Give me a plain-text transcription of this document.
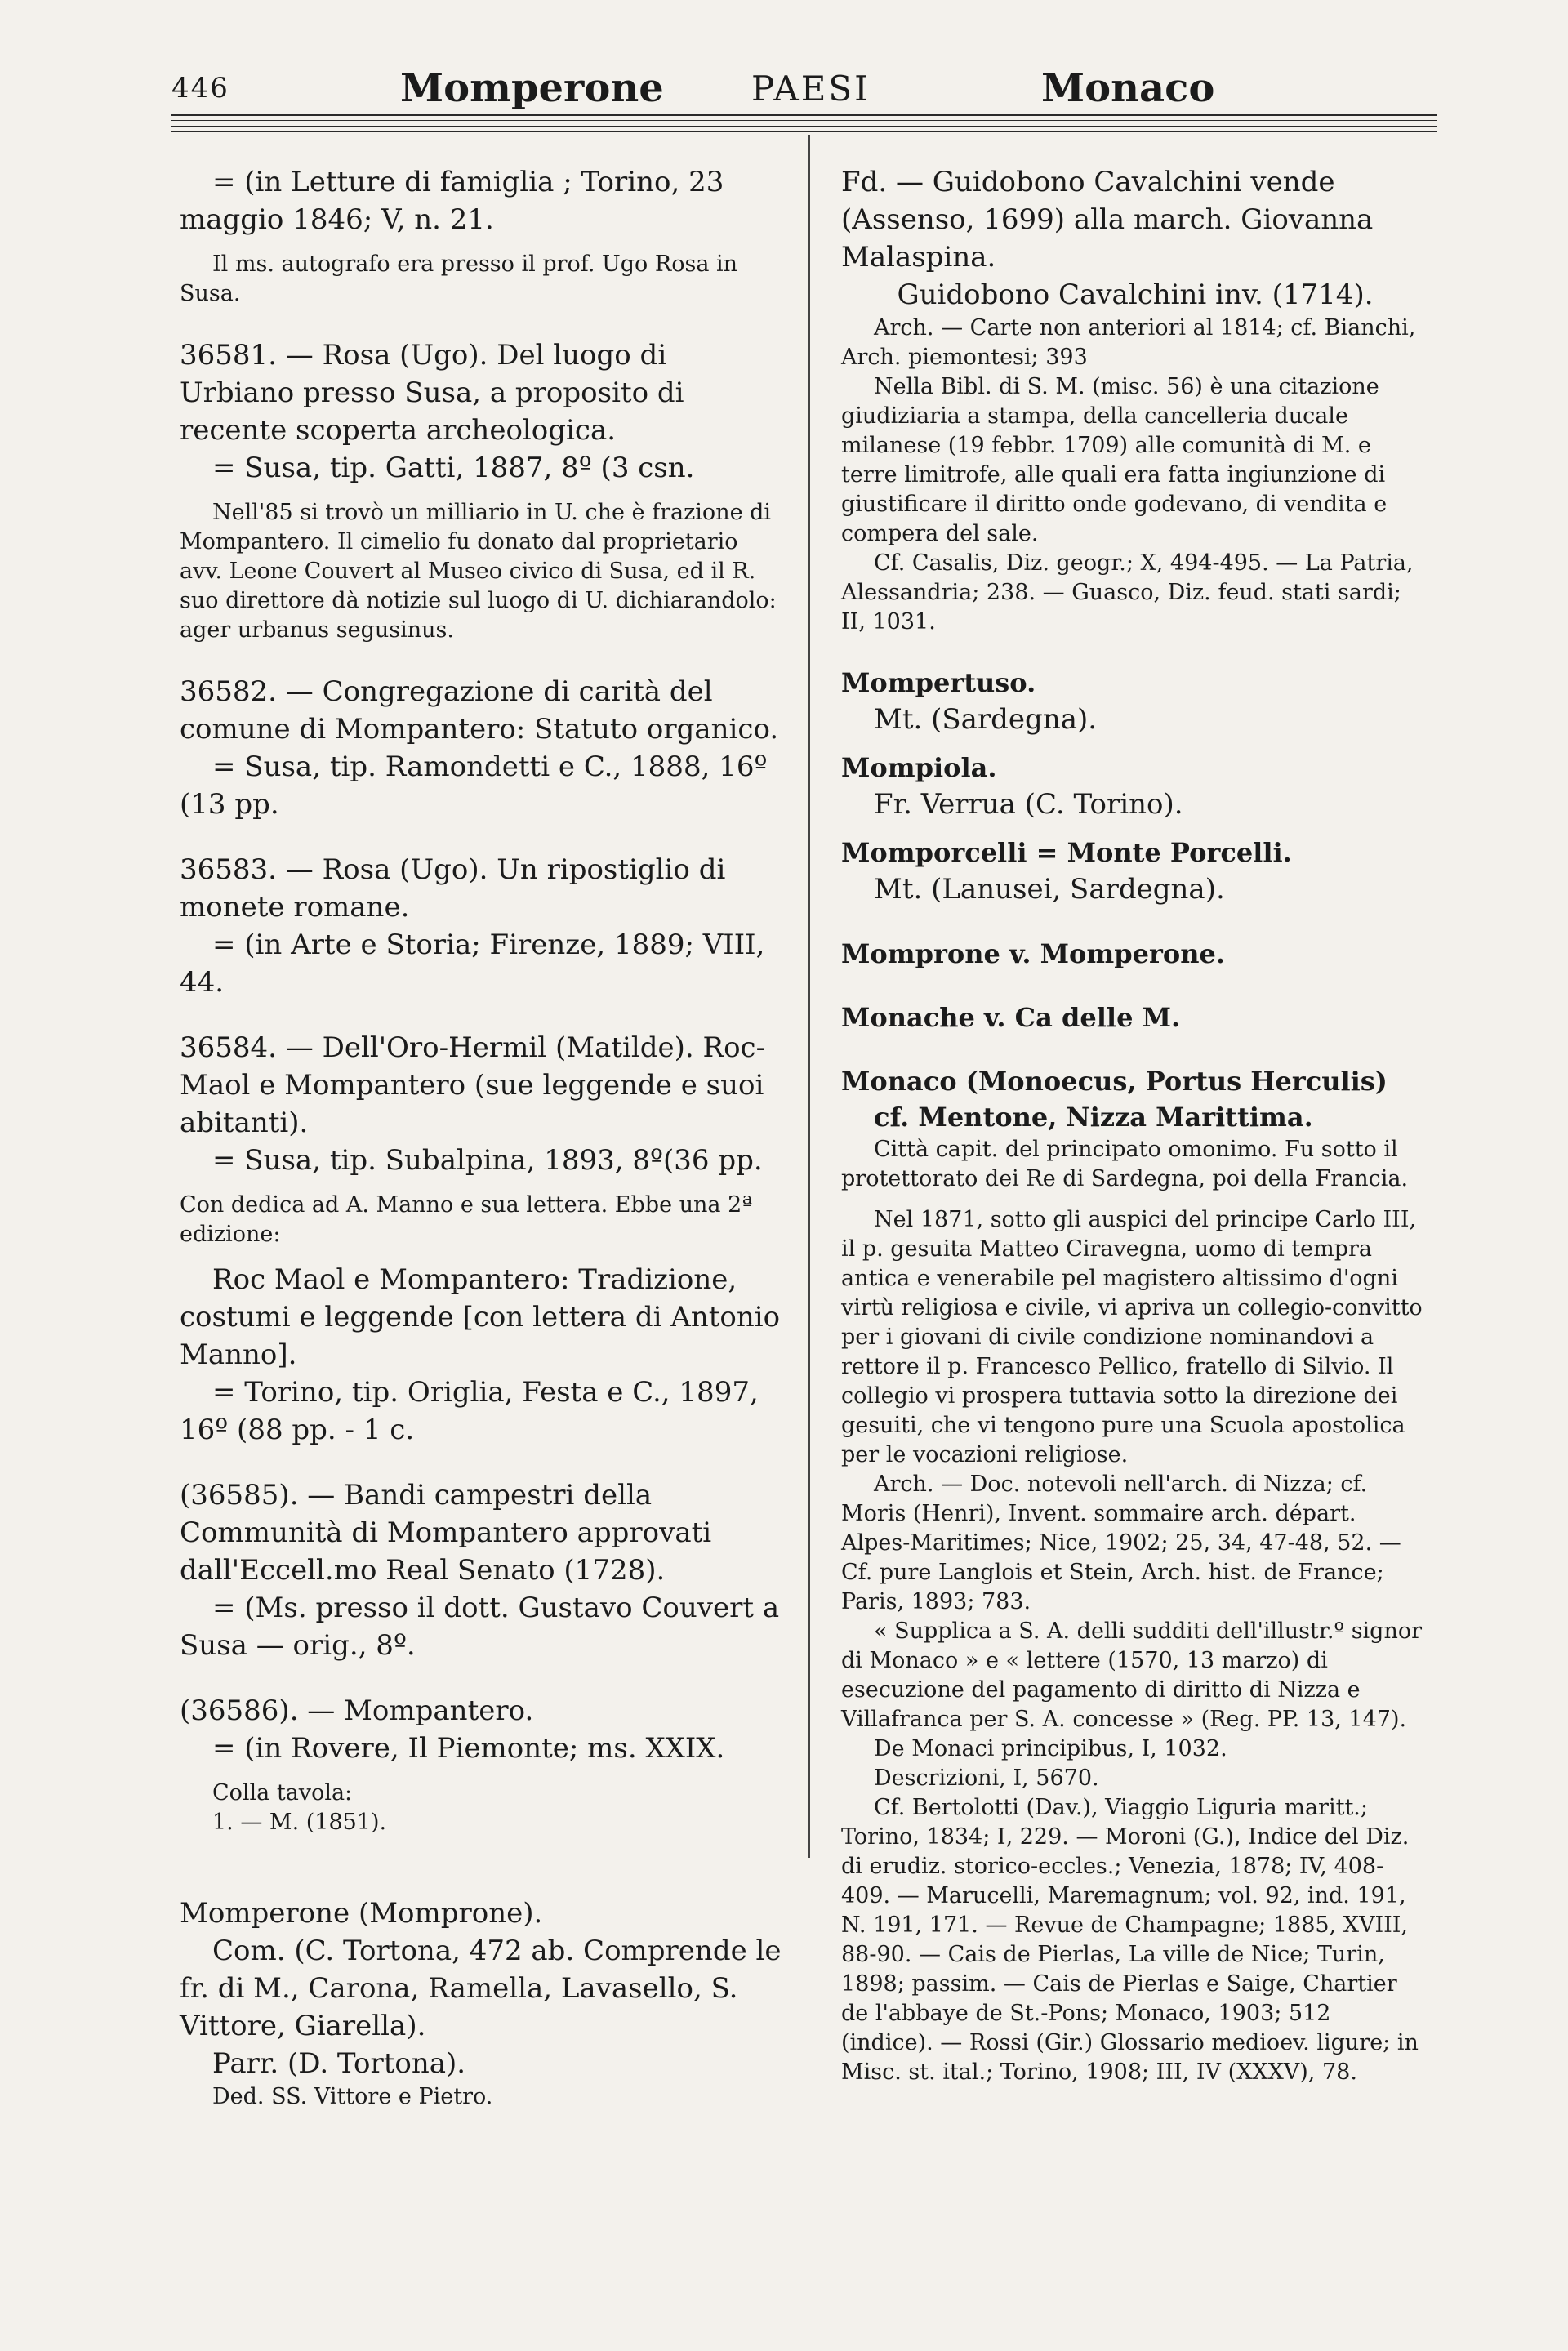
446	Momperone	PAESI	Monaco

= (in Letture di famiglia ; Torino, 23 maggio 1846; V, n. 21.

Il ms. autografo era presso il prof. Ugo Rosa in Susa.

36581. — Rosa (Ugo). Del luogo di Urbiano presso Susa, a proposito di recente scoperta archeologica.

= Susa, tip. Gatti, 1887, 8º (3 csn.

Nell'85 si trovò un milliario in U. che è frazione di Mompantero. Il cimelio fu donato dal proprietario avv. Leone Couvert al Museo civico di Susa, ed il R. suo direttore dà notizie sul luogo di U. dichiarandolo: ager urbanus segusinus.

36582. — Congregazione di carità del comune di Mompantero: Statuto organico.

= Susa, tip. Ramondetti e C., 1888, 16º (13 pp.

36583. — Rosa (Ugo). Un ripostiglio di monete romane.

= (in Arte e Storia; Firenze, 1889; VIII, 44.

36584. — Dell'Oro-Hermil (Matilde). Roc-Maol e Mompantero (sue leggende e suoi abitanti).

= Susa, tip. Subalpina, 1893, 8º(36 pp.

Con dedica ad A. Manno e sua lettera. Ebbe una 2ª edizione:

Roc Maol e Mompantero: Tradizione, costumi e leggende [con lettera di Antonio Manno].

= Torino, tip. Origlia, Festa e C., 1897, 16º (88 pp. - 1 c.

(36585). — Bandi campestri della Communità di Mompantero approvati dall'Eccell.mo Real Senato (1728).

= (Ms. presso il dott. Gustavo Couvert a Susa — orig., 8º.

(36586). — Mompantero.

= (in Rovere, Il Piemonte; ms. XXIX.

Colla tavola:

1. — M. (1851).

Momperone (Momprone).

Com. (C. Tortona, 472 ab. Comprende le fr. di M., Carona, Ramella, Lavasello, S. Vittore, Giarella).

Parr. (D. Tortona).

Ded. SS. Vittore e Pietro.

Fd. — Guidobono Cavalchini vende (Assenso, 1699) alla march. Giovanna Malaspina.

Guidobono Cavalchini inv. (1714).

Arch. — Carte non anteriori al 1814; cf. Bianchi, Arch. piemontesi; 393

Nella Bibl. di S. M. (misc. 56) è una citazione giudiziaria a stampa, della cancelleria ducale milanese (19 febbr. 1709) alle comunità di M. e terre limitrofe, alle quali era fatta ingiunzione di giustificare il diritto onde godevano, di vendita e compera del sale.

Cf. Casalis, Diz. geogr.; X, 494-495. — La Patria, Alessandria; 238. — Guasco, Diz. feud. stati sardi; II, 1031.

Mompertuso.

Mt. (Sardegna).

Mompiola.

Fr. Verrua (C. Torino).

Momporcelli = Monte Porcelli.

Mt. (Lanusei, Sardegna).

Momprone v. Momperone.

Monache v. Ca delle M.

Monaco (Monoecus, Portus Herculis) cf. Mentone, Nizza Marittima.

Città capit. del principato omonimo. Fu sotto il protettorato dei Re di Sardegna, poi della Francia.

Nel 1871, sotto gli auspici del principe Carlo III, il p. gesuita Matteo Ciravegna, uomo di tempra antica e venerabile pel magistero altissimo d'ogni virtù religiosa e civile, vi apriva un collegio-convitto per i giovani di civile condizione nominandovi a rettore il p. Francesco Pellico, fratello di Silvio. Il collegio vi prospera tuttavia sotto la direzione dei gesuiti, che vi tengono pure una Scuola apostolica per le vocazioni religiose.

Arch. — Doc. notevoli nell'arch. di Nizza; cf. Moris (Henri), Invent. sommaire arch. départ. Alpes-Maritimes; Nice, 1902; 25, 34, 47-48, 52. — Cf. pure Langlois et Stein, Arch. hist. de France; Paris, 1893; 783.

« Supplica a S. A. delli sudditi dell'illustr.º signor di Monaco » e « lettere (1570, 13 marzo) di esecuzione del pagamento di diritto di Nizza e Villafranca per S. A. concesse » (Reg. PP. 13, 147).

De Monaci principibus, I, 1032.

Descrizioni, I, 5670.

Cf. Bertolotti (Dav.), Viaggio Liguria maritt.; Torino, 1834; I, 229. — Moroni (G.), Indice del Diz. di erudiz. storico-eccles.; Venezia, 1878; IV, 408-409. — Marucelli, Maremagnum; vol. 92, ind. 191, N. 191, 171. — Revue de Champagne; 1885, XVIII, 88-90. — Cais de Pierlas, La ville de Nice; Turin, 1898; passim. — Cais de Pierlas e Saige, Chartier de l'abbaye de St.-Pons; Monaco, 1903; 512 (indice). — Rossi (Gir.) Glossario medioev. ligure; in Misc. st. ital.; Torino, 1908; III, IV (XXXV), 78.
